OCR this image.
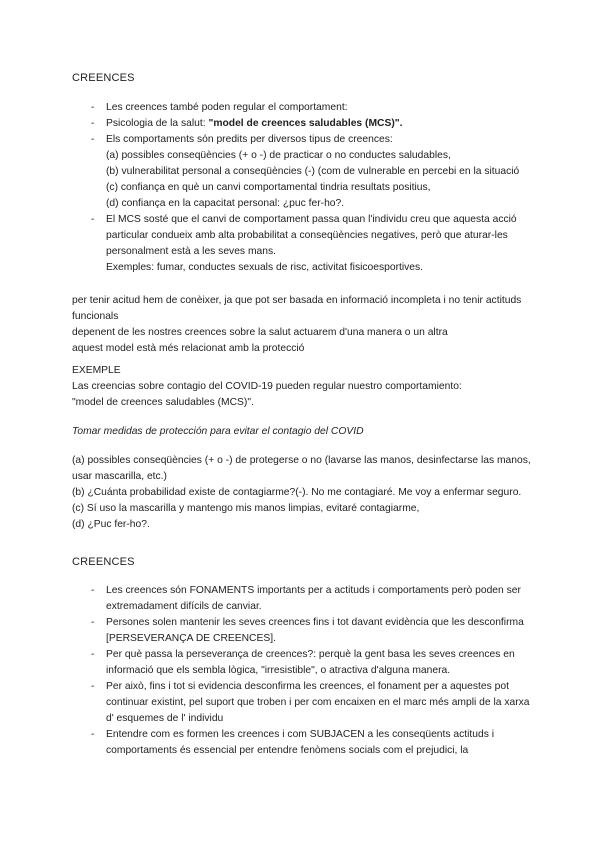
CREENCES
- Les creences també poden regular el comportament:
- Psicologia de la salut: "model de creences saludables (MCS)".
- Els comportaments són predits per diversos tipus de creences:
(a) possibles conseqüències (+ o -) de practicar o no conductes saludables,
(b) vulnerabilitat personal a conseqüències (-) (com de vulnerable en percebi en la situació
(c) confiança en què un canvi comportamental tindria resultats positius,
(d) confiança en la capacitat personal: ¿puc fer-ho?.
- El MCS sosté que el canvi de comportament passa quan l'individu creu que aquesta acció particular condueix amb alta probabilitat a conseqüències negatives, però que aturar-les personalment està a les seves mans.
Exemples: fumar, conductes sexuals de risc, activitat fisicoesportives.
per tenir acitud hem de conèixer, ja que pot ser basada en informació incompleta i no tenir actituds funcionals
depenent de les nostres creences sobre la salut actuarem d'una manera o un altra
aquest model està més relacionat amb la protecció
EXEMPLE
Las creencias sobre contagio del COVID-19 pueden regular nuestro comportamiento:
"model de creences saludables (MCS)".
Tomar medidas de protección para evitar el contagio del COVID
(a) possibles conseqüències (+ o -) de protegerse o no (lavarse las manos, desinfectarse las manos, usar mascarilla, etc.)
(b) ¿Cuánta probabilidad existe de contagiarme?(-). No me contagiaré. Me voy a enfermar seguro.
(c) Sí uso la mascarilla y mantengo mis manos limpias, evitaré contagiarme,
(d) ¿Puc fer-ho?.
CREENCES
- Les creences són FONAMENTS importants per a actituds i comportaments però poden ser extremadament difícils de canviar.
- Persones solen mantenir les seves creences fins i tot davant evidència que les desconfirma [PERSEVERANÇA DE CREENCES].
- Per què passa la perseverança de creences?: perquè la gent basa les seves creences en informació que els sembla lògica, "irresistible", o atractiva d'alguna manera.
- Per això, fins i tot si evidencia desconfirma les creences, el fonament per a aquestes pot continuar existint, pel suport que troben i per com encaixen en el marc més ampli de la xarxa d' esquemes de l' individu
- Entendre com es formen les creences i com SUBJACEN a les conseqüents actituds i comportaments és essencial per entendre fenòmens socials com el prejudici, la
